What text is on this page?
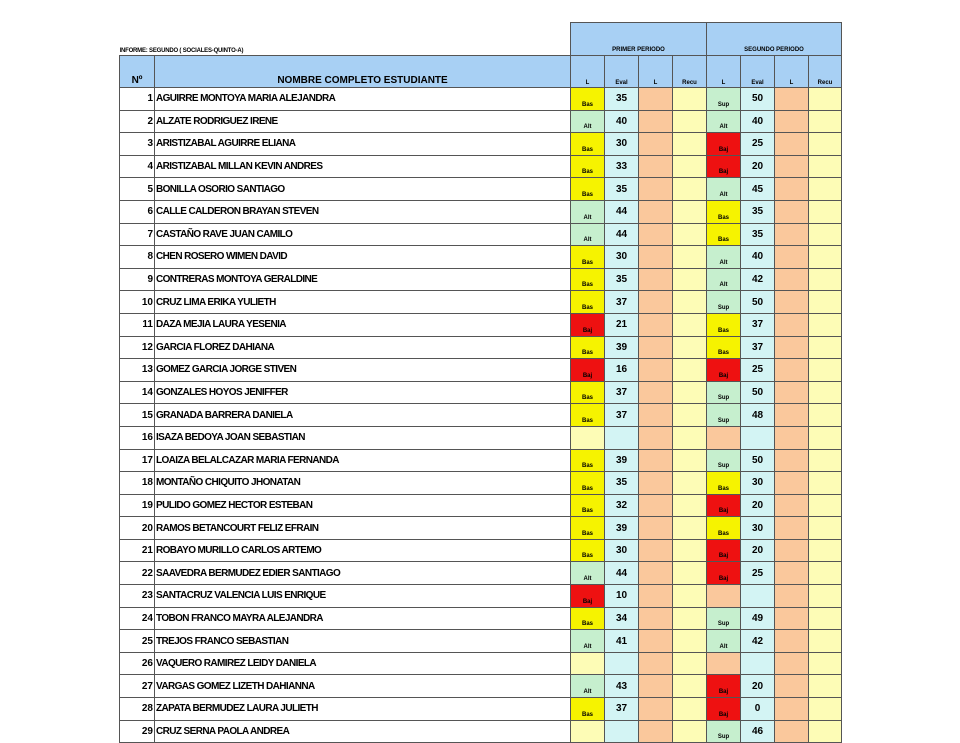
INFORME: SEGUNDO ( SOCIALES-QUINTO-A)		PRIMER PERIODO				SEGUNDO PERIODO			
Nº	NOMBRE COMPLETO ESTUDIANTE	L	Eval	L	Recu	L	Eval	L	Recu
1	AGUIRRE MONTOYA MARIA ALEJANDRA	Bas	35			Sup	50		
2	ALZATE RODRIGUEZ IRENE	Alt	40			Alt	40		
3	ARISTIZABAL AGUIRRE ELIANA	Bas	30			Baj	25		
4	ARISTIZABAL MILLAN KEVIN ANDRES	Bas	33			Baj	20		
5	BONILLA OSORIO SANTIAGO	Bas	35			Alt	45		
6	CALLE CALDERON BRAYAN STEVEN	Alt	44			Bas	35		
7	CASTAÑO RAVE JUAN CAMILO	Alt	44			Bas	35		
8	CHEN ROSERO WIMEN DAVID	Bas	30			Alt	40		
9	CONTRERAS MONTOYA GERALDINE	Bas	35			Alt	42		
10	CRUZ LIMA ERIKA YULIETH	Bas	37			Sup	50		
11	DAZA MEJIA LAURA YESENIA	Baj	21			Bas	37		
12	GARCIA FLOREZ DAHIANA	Bas	39			Bas	37		
13	GOMEZ GARCIA JORGE STIVEN	Baj	16			Baj	25		
14	GONZALES HOYOS JENIFFER	Bas	37			Sup	50		
15	GRANADA BARRERA DANIELA	Bas	37			Sup	48		
16	ISAZA BEDOYA JOAN SEBASTIAN								
17	LOAIZA BELALCAZAR MARIA FERNANDA	Bas	39			Sup	50		
18	MONTAÑO CHIQUITO JHONATAN	Bas	35			Bas	30		
19	PULIDO GOMEZ HECTOR ESTEBAN	Bas	32			Baj	20		
20	RAMOS BETANCOURT FELIZ EFRAIN	Bas	39			Bas	30		
21	ROBAYO MURILLO CARLOS ARTEMO	Bas	30			Baj	20		
22	SAAVEDRA BERMUDEZ EDIER SANTIAGO	Alt	44			Baj	25		
23	SANTACRUZ VALENCIA LUIS ENRIQUE	Baj	10						
24	TOBON FRANCO MAYRA ALEJANDRA	Bas	34			Sup	49		
25	TREJOS FRANCO SEBASTIAN	Alt	41			Alt	42		
26	VAQUERO RAMIREZ LEIDY DANIELA								
27	VARGAS GOMEZ LIZETH DAHIANNA	Alt	43			Baj	20		
28	ZAPATA BERMUDEZ LAURA JULIETH	Bas	37			Baj	0		
29	CRUZ SERNA PAOLA ANDREA					Sup	46		
